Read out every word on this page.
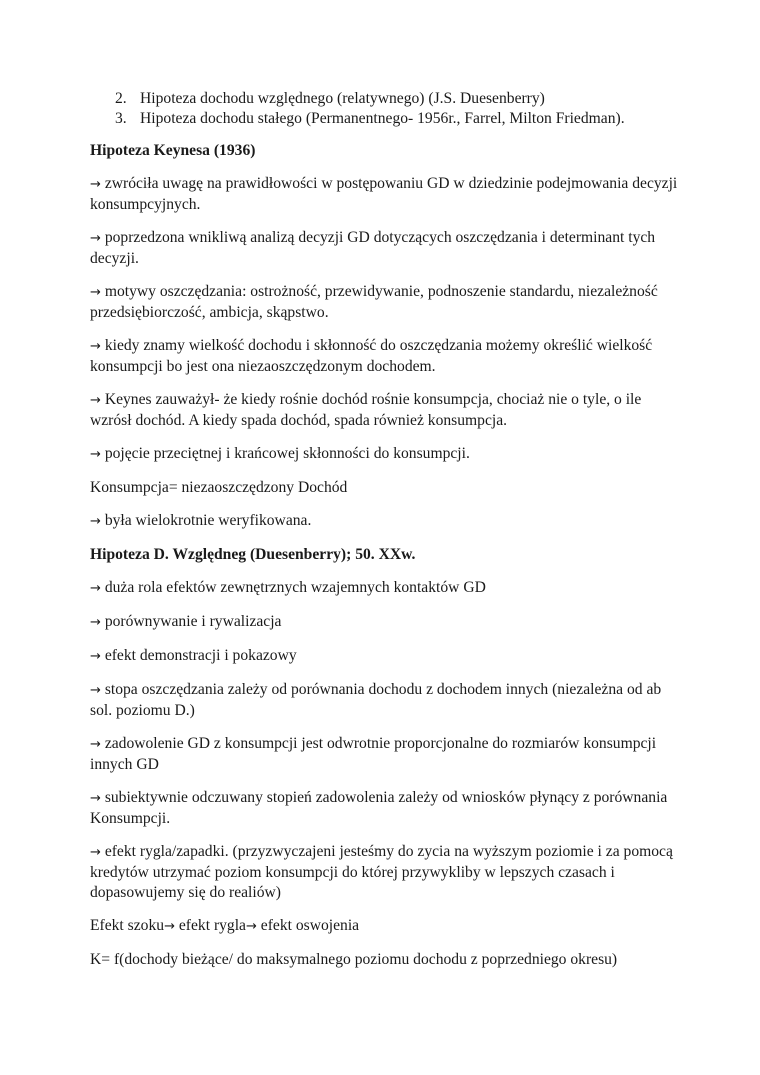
2. Hipoteza dochodu względnego (relatywnego) (J.S. Duesenberry)
3. Hipoteza dochodu stałego (Permanentnego- 1956r., Farrel, Milton Friedman).
Hipoteza Keynesa (1936)

→ zwróciła uwagę na prawidłowości w postępowaniu GD w dziedzinie podejmowania decyzji konsumpcyjnych.

→ poprzedzona wnikliwą analizą decyzji GD dotyczących oszczędzania i determinant tych decyzji.

→ motywy oszczędzania: ostrożność, przewidywanie, podnoszenie standardu, niezależność przedsiębiorczość, ambicja, skąpstwo.

→ kiedy znamy wielkość dochodu i skłonność do oszczędzania możemy określić wielkość konsumpcji bo jest ona niezaoszczędzonym dochodem.

→ Keynes zauważył- że kiedy rośnie dochód rośnie konsumpcja, chociaż nie o tyle, o ile wzrósł dochód. A kiedy spada dochód, spada również konsumpcja.

→ pojęcie przeciętnej i krańcowej skłonności do konsumpcji.

Konsumpcja= niezaoszczędzony Dochód

→ była wielokrotnie weryfikowana.

Hipoteza D. Względneg (Duesenberry); 50. XXw.

→ duża rola efektów zewnętrznych wzajemnych kontaktów GD

→ porównywanie i rywalizacja

→ efekt demonstracji i pokazowy

→ stopa oszczędzania zależy od porównania dochodu z dochodem innych (niezależna od ab sol. poziomu D.)

→ zadowolenie GD z konsumpcji jest odwrotnie proporcjonalne do rozmiarów konsumpcji innych GD

→ subiektywnie odczuwany stopień zadowolenia zależy od wniosków płynący z porównania Konsumpcji.

→ efekt rygla/zapadki. (przyzwyczajeni jesteśmy do zycia na wyższym poziomie i za pomocą kredytów utrzymać poziom konsumpcji do której przywykliby w lepszych czasach i dopasowujemy się do realiów)

Efekt szoku→ efekt rygla→ efekt oswojenia

K= f(dochody bieżące/ do maksymalnego poziomu dochodu z poprzedniego okresu)
